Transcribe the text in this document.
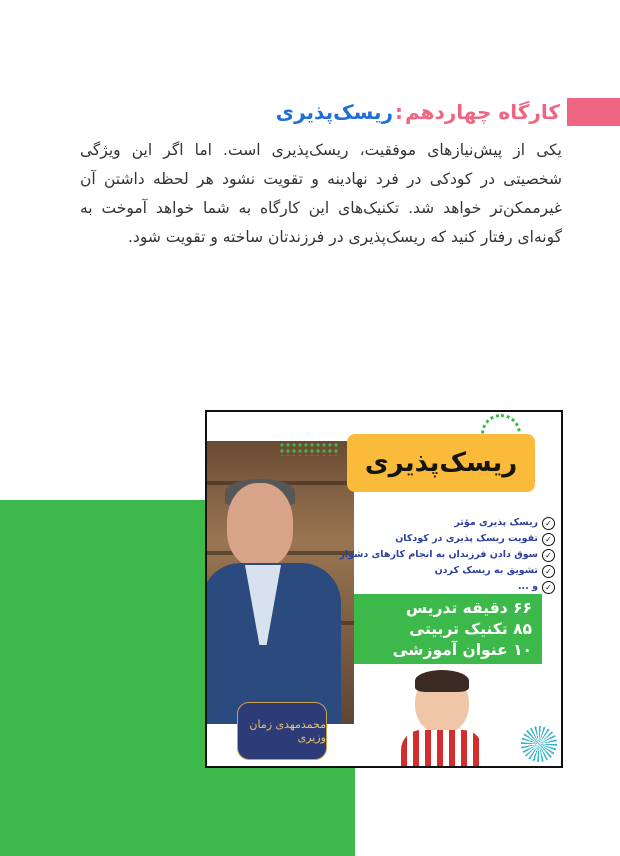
کارگاه چهاردهم:ریسک‌پذیری

یکی از پیش‌نیازهای موفقیت، ریسک‌پذیری است. اما اگر این ویژگی شخصیتی در کودکی در فرد نهادینه و تقویت نشود هر لحظه داشتن آن غیرممکن‌تر خواهد شد. تکنیک‌های این کارگاه به شما خواهد آموخت به گونه‌ای رفتار کنید که ریسک‌پذیری در فرزندتان ساخته و تقویت شود.

ریسک‌پذیری
✓
ریسک پذیری مؤثر
✓
تقویت ریسک پذیری در کودکان
✓
سوق دادن فرزندان به انجام کارهای دشوار
✓
تشویق به ریسک کردن
✓
و ...
۶۶ دقیقه تدریس
۸۵ تکنیک تربیتی
۱۰ عنوان آموزشی
محمدمهدی زمان وزیری
